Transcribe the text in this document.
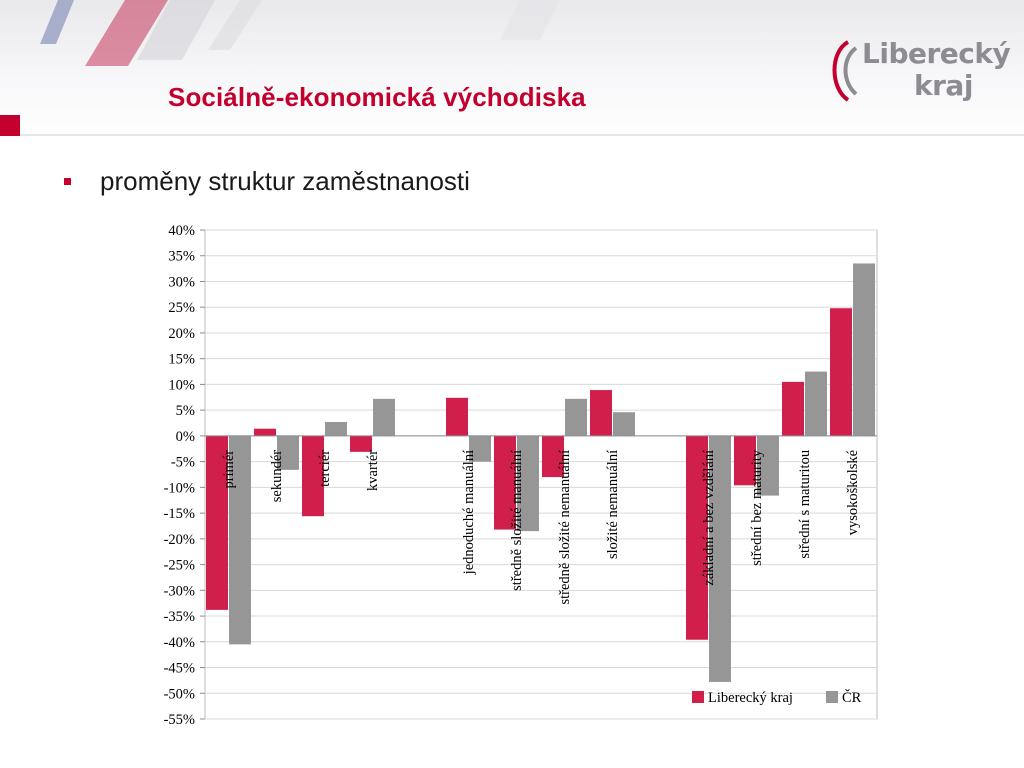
Sociálně-ekonomická východiska
Liberecký
kraj

proměny struktur zaměstnanosti

40%
35%
30%
25%
20%
15%
10%
5%
0%
-5%
-10%
-15%
-20%
-25%
-30%
-35%
-40%
-45%
-50%
-55%
primér sekundér terciér kvartér	jednoduché manuální středně složité manuální středně složité nemanuální složité nemanuální	základní a bez vzdělání střední bez maturity střední s maturitou vysokoškolské
Liberecký kraj	ČR
